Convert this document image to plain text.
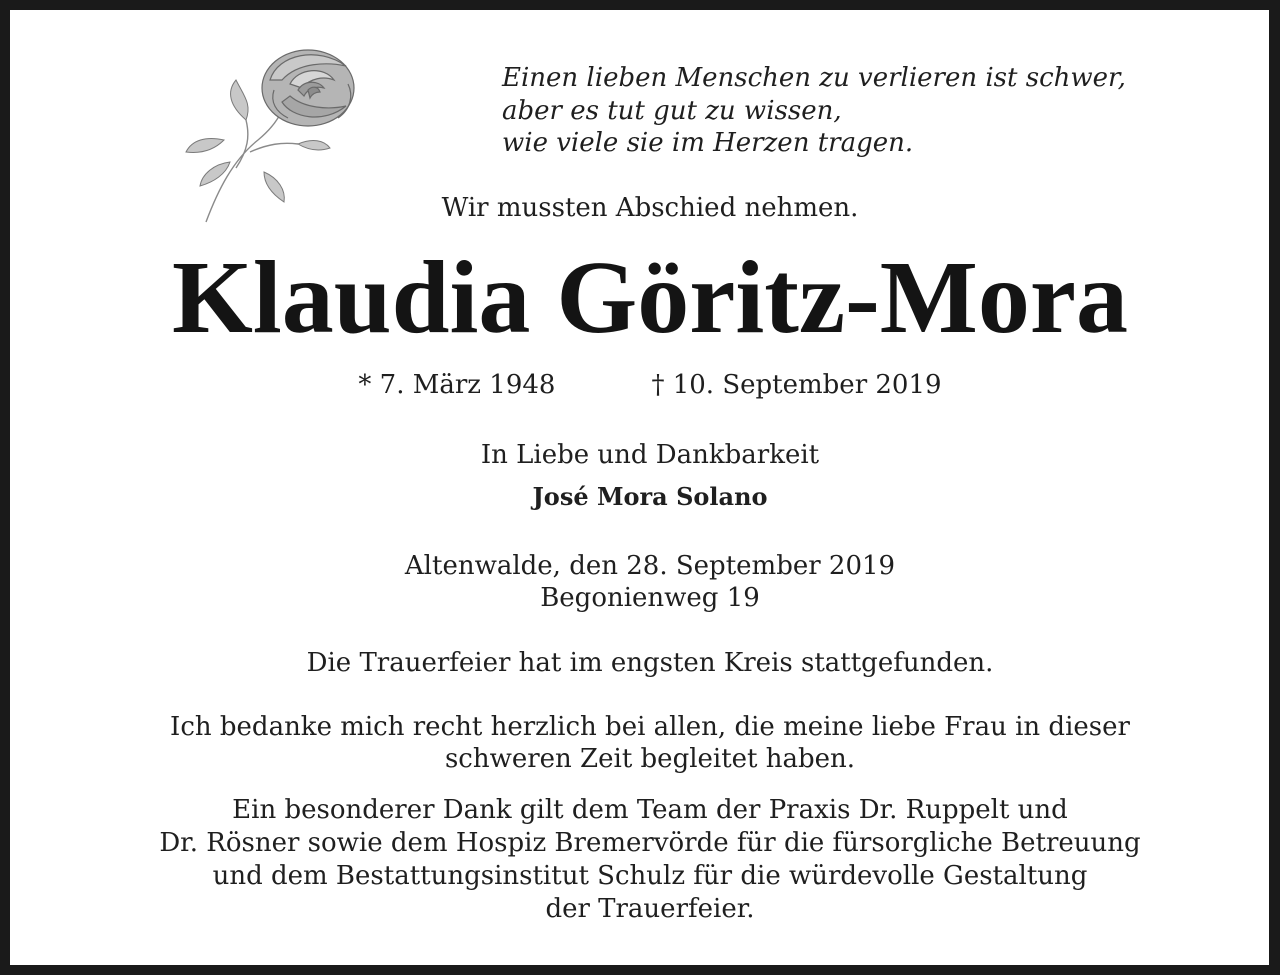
Einen lieben Menschen zu verlieren ist schwer,
aber es tut gut zu wissen,
wie viele sie im Herzen tragen.
Wir mussten Abschied nehmen.
Klaudia Göritz-Mora
* 7. März 1948	† 10. September 2019
In Liebe und Dankbarkeit
José Mora Solano
Altenwalde, den 28. September 2019
Begonienweg 19
Die Trauerfeier hat im engsten Kreis stattgefunden.
Ich bedanke mich recht herzlich bei allen, die meine liebe Frau in dieser
schweren Zeit begleitet haben.
Ein besonderer Dank gilt dem Team der Praxis Dr. Ruppelt und
Dr. Rösner sowie dem Hospiz Bremervörde für die fürsorgliche Betreuung
und dem Bestattungsinstitut Schulz für die würdevolle Gestaltung
der Trauerfeier.
